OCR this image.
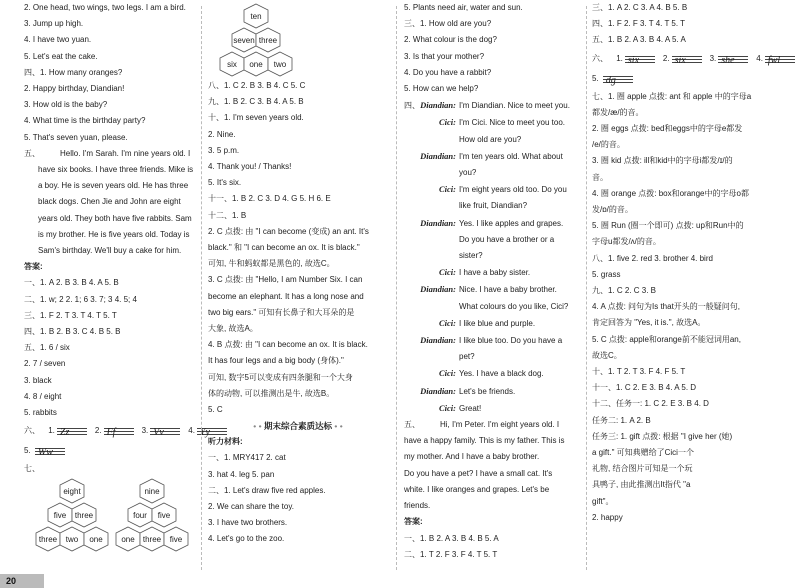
2. One head, two wings, two legs. I am a bird.
3. Jump up high.
4. I have two yuan.
5. Let's eat the cake.
四、1. How many oranges?
2. Happy birthday, Diandian!
3. How old is the baby?
4. What time is the birthday party?
5. That's seven yuan, please.
五、	Hello. I'm Sarah. I'm nine years old. I
have six books. I have three friends. Mike is
a boy. He is seven years old. He has three
black dogs. Chen Jie and John are eight
years old. They both have five rabbits. Sam
is my brother. He is five years old. Today is
Sam's birthday. We'll buy a cake for him.
答案:
一、1. A 2. B 3. B 4. A 5. B
二、1. w; 2 2. 1; 6 3. 7; 3 4. 5; 4
三、1. F 2. T 3. T 4. T 5. T
四、1. B 2. B 3. C 4. B 5. B
五、1. 6 / six
2. 7 / seven
3. black
4. 8 / eight
5. rabbits
六、 1. Zz	2. Ff	3. Vv	4. Yy
5. Ww
七、
eight
five three
three two one
nine
four five
one three five
ten
seven three
six one two
八、1. C 2. B 3. B 4. C 5. C
九、1. B 2. C 3. B 4. A 5. B
十、1. I'm seven years old.
2. Nine.
3. 5 p.m.
4. Thank you! / Thanks!
5. It's six.
十一、1. B 2. C 3. D 4. G 5. H 6. E
十二、1. B
2. C 点拨: 由 "I can become (变成) an ant. It's
black." 和 "I can become an ox. It is black."
可知, 牛和蚂蚁都是黑色的, 故选C。
3. C 点拨: 由 "Hello, I am Number Six. I can
become an elephant. It has a long nose and
two big ears." 可知有长鼻子和大耳朵的是
大象, 故选A。
4. B 点拨: 由 "I can become an ox. It is black.
It has four legs and a big body (身体)."
可知, 数字5可以变成有四条腿和一个大身
体的动物, 可以推测出是牛, 故选B。
5. C
• • 期末综合素质达标 • •
听力材料:
一、1. MRY417 2. cat
3. hat 4. leg 5. pan
二、1. Let's draw five red apples.
2. We can share the toy.
3. I have two brothers.
4. Let's go to the zoo.
5. Plants need air, water and sun.
三、1. How old are you?
2. What colour is the dog?
3. Is that your mother?
4. Do you have a rabbit?
5. How can we help?
四、Diandian: I'm Diandian. Nice to meet you.
Cici: I'm Cici. Nice to meet you too.
How old are you?
Diandian: I'm ten years old. What about
you?
Cici: I'm eight years old too. Do you
like fruit, Diandian?
Diandian: Yes. I like apples and grapes.
Do you have a brother or a
sister?
Cici: I have a baby sister.
Diandian: Nice. I have a baby brother.
What colours do you like, Cici?
Cici: I like blue and purple.
Diandian: I like blue too. Do you have a
pet?
Cici: Yes. I have a black dog.
Diandian: Let's be friends.
Cici: Great!
五、	Hi, I'm Peter. I'm eight years old. I
have a happy family. This is my father. This is
my mother. And I have a baby brother.
Do you have a pet? I have a small cat. It's
white. I like oranges and grapes. Let's be
friends.
答案:
一、1. B 2. A 3. B 4. B 5. A
二、1. T 2. F 3. F 4. T 5. T
三、1. A 2. C 3. A 4. B 5. B
四、1. F 2. F 3. T 4. T 5. T
五、1. B 2. A 3. B 4. A 5. A
六、 1. six	2. six	3. she	4. fwl
5. dg
七、1. 圈 apple 点拨: ant 和 apple 中的字母a
都发/æ/的音。
2. 圈 eggs 点拨: bed和eggs中的字母e都发
/e/的音。
3. 圈 kid 点拨: ill和kid中的字母i都发/ɪ/的
音。
4. 圈 orange 点拨: box和orange中的字母o都
发/ɒ/的音。
5. 圈 Run (圈一个即可) 点拨: up和Run中的
字母u都发/ʌ/的音。
八、1. five 2. red 3. brother 4. bird
5. grass
九、1. C 2. C 3. B
4. A 点拨: 问句为Is that开头的一般疑问句,
肯定回答为 "Yes, it is.", 故选A。
5. C 点拨: apple和orange前不能冠词用an,
故选C。
十、1. T 2. T 3. F 4. F 5. T
十一、1. C 2. E 3. B 4. A 5. D
十二、任务一: 1. C 2. E 3. B 4. D
任务二: 1. A 2. B
任务三: 1. gift 点拨: 根据 "I give her (她)
a gift." 可知典赠给了Cici一个
礼物, 结合图片可知是一个玩
具鸭子, 由此推测出It指代 "a
gift"。
2. happy
20
